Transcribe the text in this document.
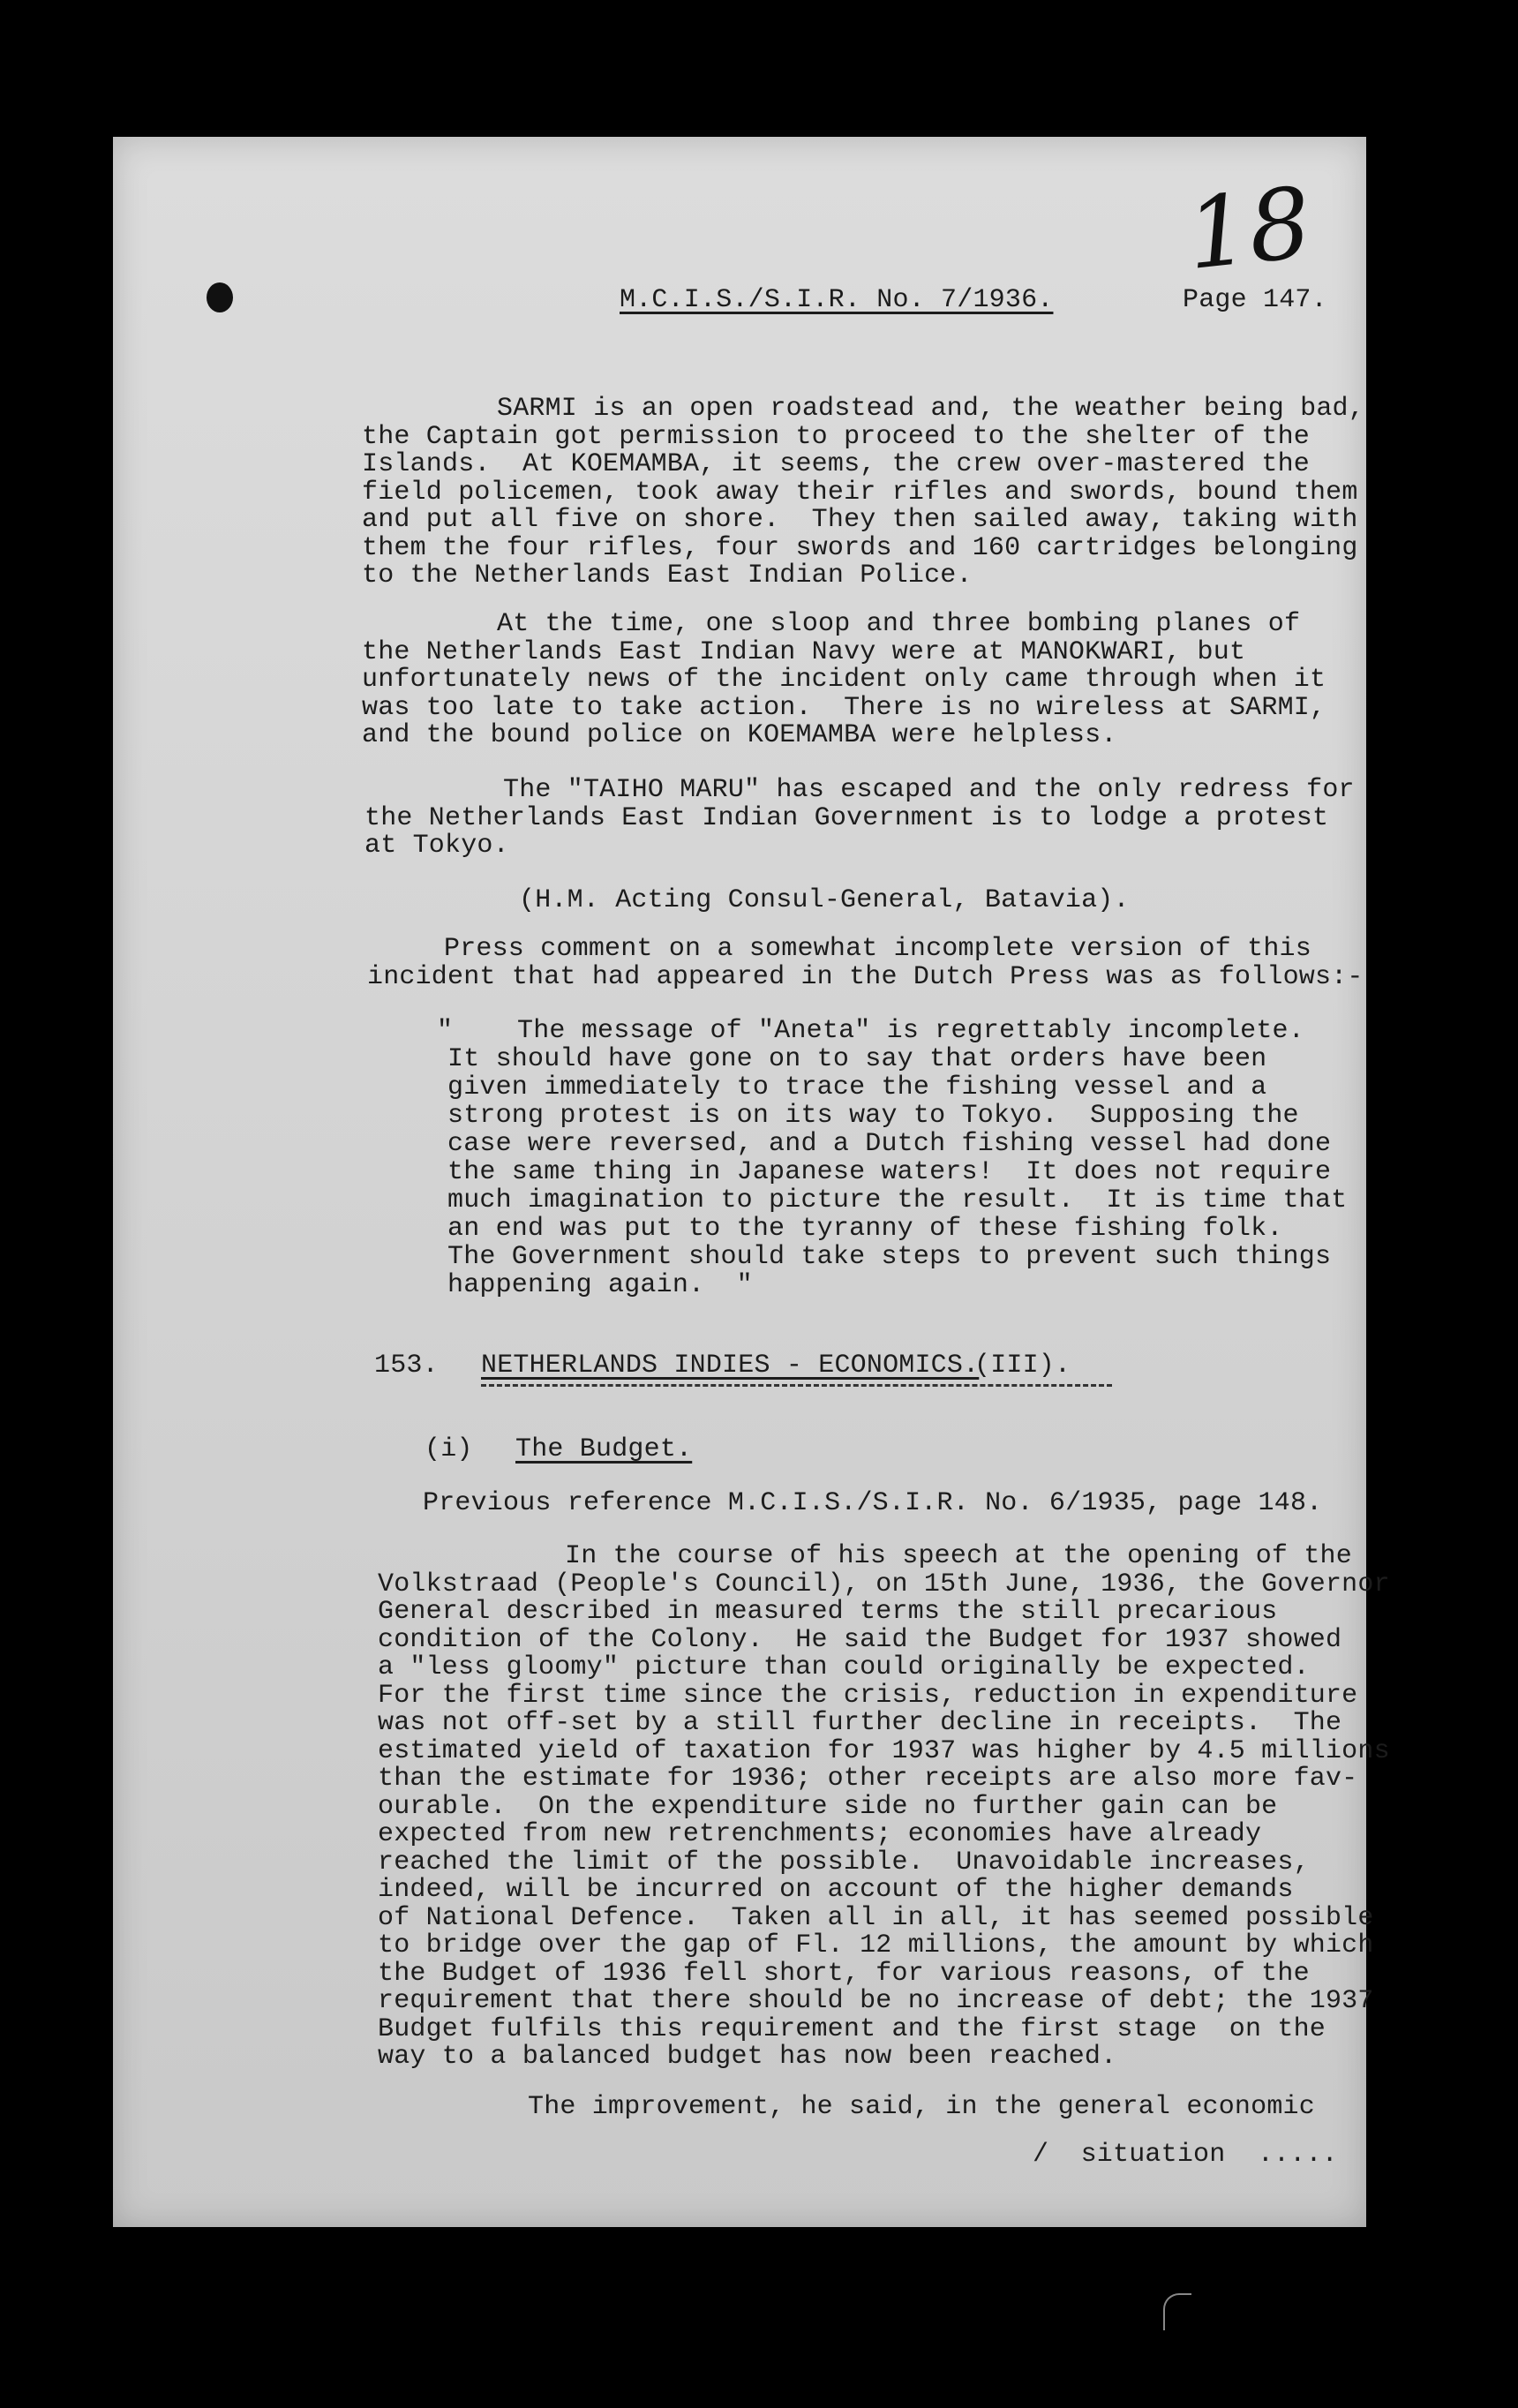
18
M.C.I.S./S.I.R. No. 7/1936.	Page 147.
SARMI is an open roadstead and, the weather being bad,
the Captain got permission to proceed to the shelter of the
Islands.  At KOEMAMBA, it seems, the crew over-mastered the
field policemen, took away their rifles and swords, bound them
and put all five on shore.  They then sailed away, taking with
them the four rifles, four swords and 160 cartridges belonging
to the Netherlands East Indian Police.
At the time, one sloop and three bombing planes of
the Netherlands East Indian Navy were at MANOKWARI, but
unfortunately news of the incident only came through when it
was too late to take action.  There is no wireless at SARMI,
and the bound police on KOEMAMBA were helpless.
The "TAIHO MARU" has escaped and the only redress for
the Netherlands East Indian Government is to lodge a protest
at Tokyo.
(H.M. Acting Consul-General, Batavia).
Press comment on a somewhat incomplete version of this
incident that had appeared in the Dutch Press was as follows:-
"    The message of "Aneta" is regrettably incomplete.
It should have gone on to say that orders have been
given immediately to trace the fishing vessel and a
strong protest is on its way to Tokyo.  Supposing the
case were reversed, and a Dutch fishing vessel had done
the same thing in Japanese waters!  It does not require
much imagination to picture the result.  It is time that
an end was put to the tyranny of these fishing folk.
The Government should take steps to prevent such things
happening again.  "
153. NETHERLANDS INDIES - ECONOMICS.
(III).
(i) The Budget.
Previous reference M.C.I.S./S.I.R. No. 6/1935, page 148.
In the course of his speech at the opening of the
Volkstraad (People's Council), on 15th June, 1936, the Governor
General described in measured terms the still precarious
condition of the Colony.  He said the Budget for 1937 showed
a "less gloomy" picture than could originally be expected.
For the first time since the crisis, reduction in expenditure
was not off-set by a still further decline in receipts.  The
estimated yield of taxation for 1937 was higher by 4.5 millions
than the estimate for 1936; other receipts are also more fav-
ourable.  On the expenditure side no further gain can be
expected from new retrenchments; economies have already
reached the limit of the possible.  Unavoidable increases,
indeed, will be incurred on account of the higher demands
of National Defence.  Taken all in all, it has seemed possible
to bridge over the gap of Fl. 12 millions, the amount by which
the Budget of 1936 fell short, for various reasons, of the
requirement that there should be no increase of debt; the 1937
Budget fulfils this requirement and the first stage  on the
way to a balanced budget has now been reached.
The improvement, he said, in the general economic
/  situation  .....
